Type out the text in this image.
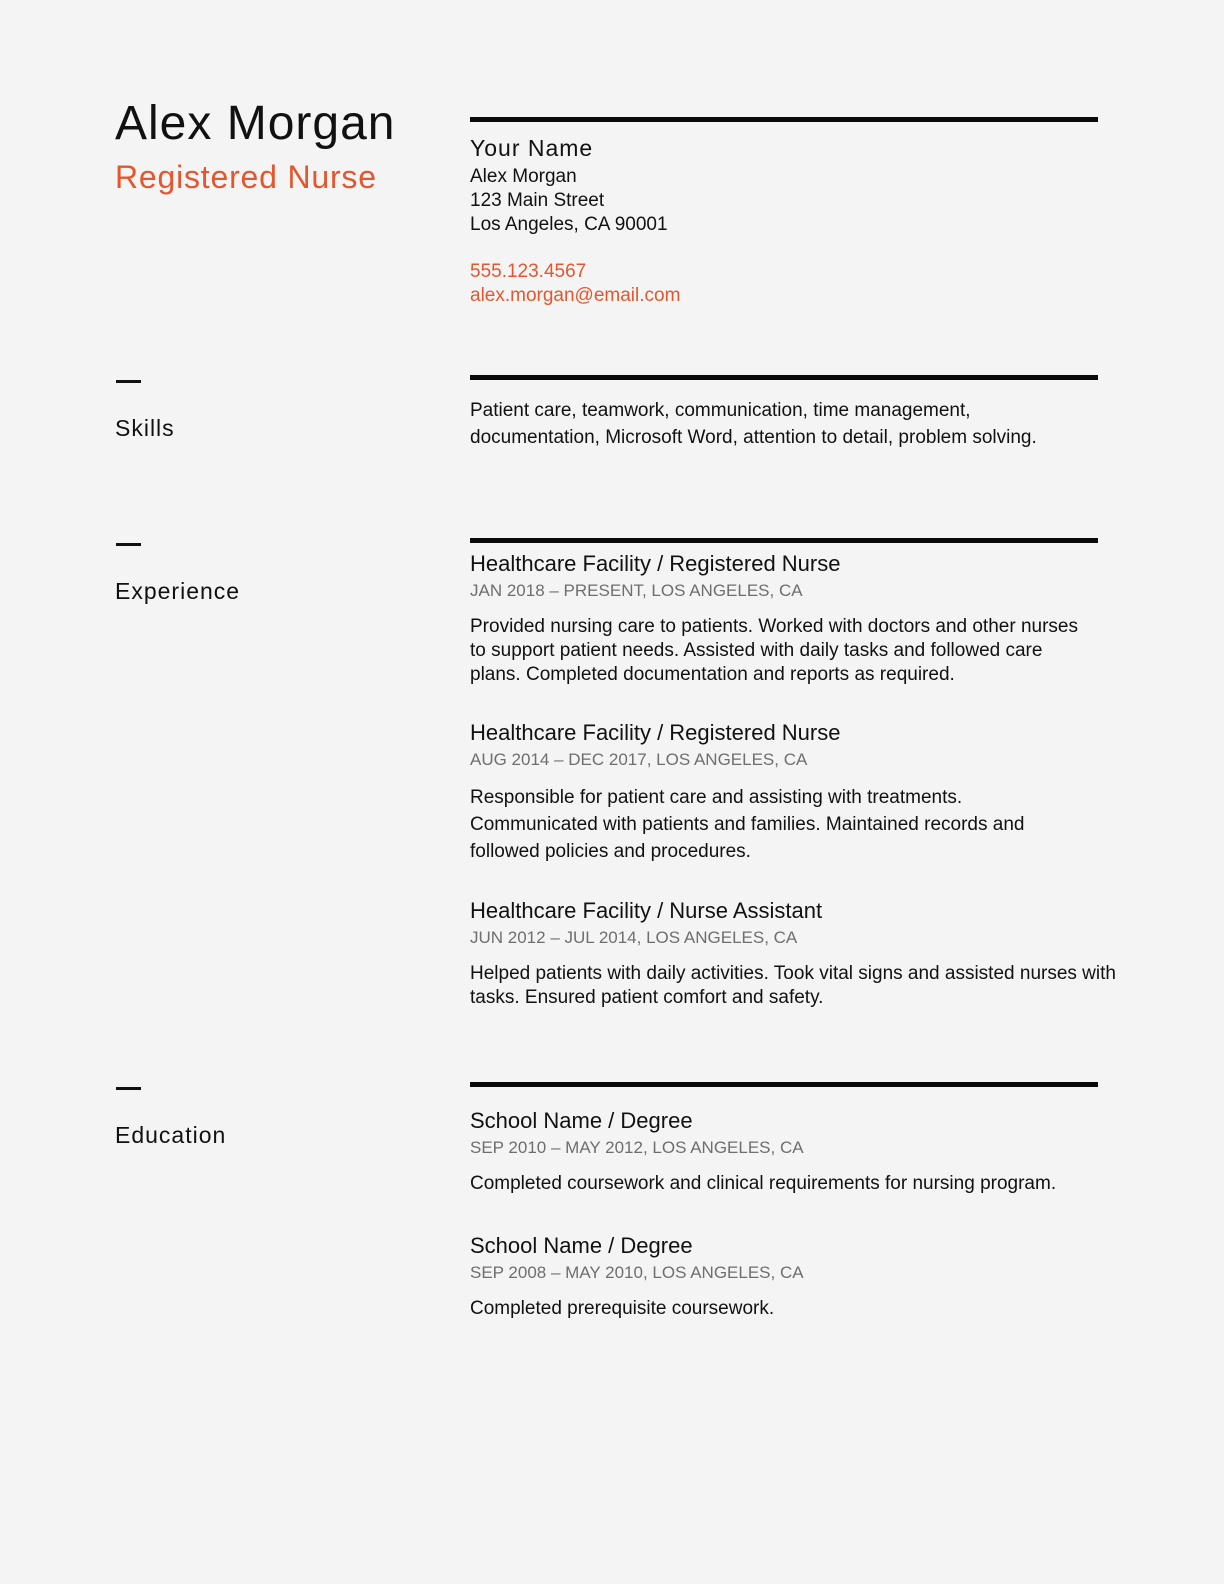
Alex Morgan
Registered Nurse
Your Name
Alex Morgan
123 Main Street
Los Angeles, CA 90001
555.123.4567
alex.morgan@email.com
Skills
Patient care, teamwork, communication, time management, documentation, Microsoft Word, attention to detail, problem solving.
Experience
Healthcare Facility / Registered Nurse
JAN 2018 – PRESENT, LOS ANGELES, CA
Provided nursing care to patients. Worked with doctors and other nurses to support patient needs. Assisted with daily tasks and followed care plans. Completed documentation and reports as required.
Healthcare Facility / Registered Nurse
AUG 2014 – DEC 2017, LOS ANGELES, CA
Responsible for patient care and assisting with treatments. Communicated with patients and families. Maintained records and followed policies and procedures.
Healthcare Facility / Nurse Assistant
JUN 2012 – JUL 2014, LOS ANGELES, CA
Helped patients with daily activities. Took vital signs and assisted nurses with tasks. Ensured patient comfort and safety.
Education
School Name / Degree
SEP 2010 – MAY 2012, LOS ANGELES, CA
Completed coursework and clinical requirements for nursing program.
School Name / Degree
SEP 2008 – MAY 2010, LOS ANGELES, CA
Completed prerequisite coursework.
